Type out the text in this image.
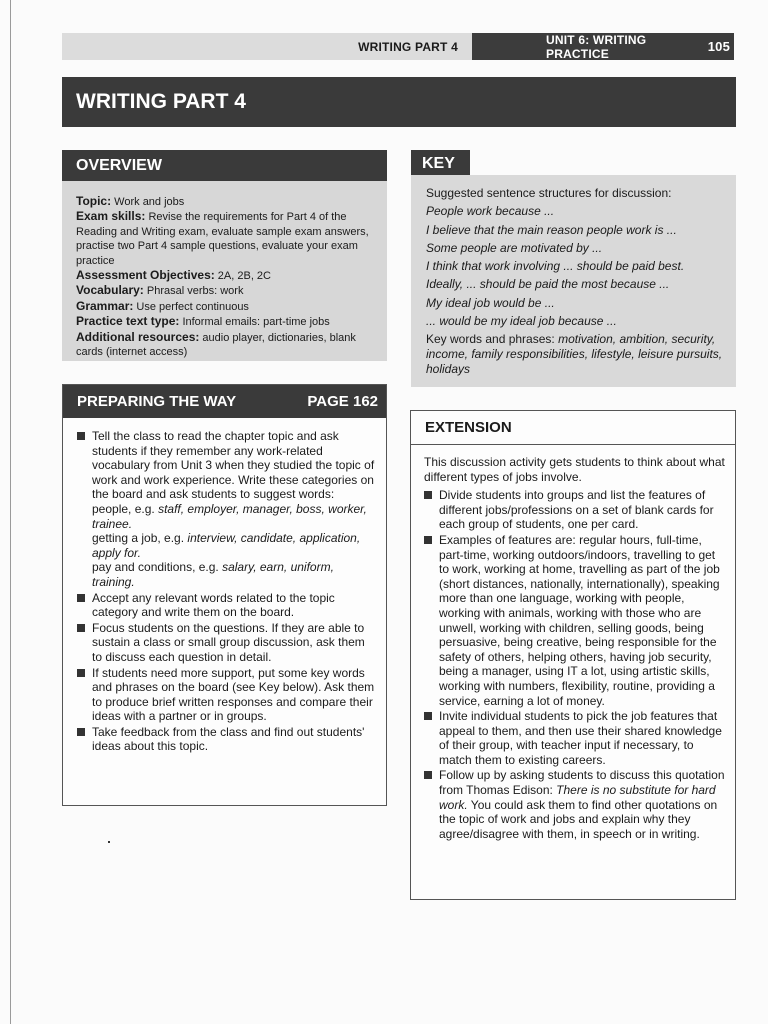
WRITING PART 4	UNIT 6: WRITING PRACTICE	105
WRITING PART 4
OVERVIEW
Topic: Work and jobs
Exam skills: Revise the requirements for Part 4 of the Reading and Writing exam, evaluate sample exam answers, practise two Part 4 sample questions, evaluate your exam practice
Assessment Objectives: 2A, 2B, 2C
Vocabulary: Phrasal verbs: work
Grammar: Use perfect continuous
Practice text type: Informal emails: part-time jobs
Additional resources: audio player, dictionaries, blank cards (internet access)
KEY
Suggested sentence structures for discussion:
People work because ...
I believe that the main reason people work is ...
Some people are motivated by ...
I think that work involving ... should be paid best.
Ideally, ... should be paid the most because ...
My ideal job would be ...
... would be my ideal job because ...
Key words and phrases: motivation, ambition, security, income, family responsibilities, lifestyle, leisure pursuits, holidays
PREPARING THE WAY	PAGE 162
Tell the class to read the chapter topic and ask students if they remember any work-related vocabulary from Unit 3 when they studied the topic of work and work experience. Write these categories on the board and ask students to suggest words:
people, e.g. staff, employer, manager, boss, worker, trainee.
getting a job, e.g. interview, candidate, application, apply for.
pay and conditions, e.g. salary, earn, uniform, training.
Accept any relevant words related to the topic category and write them on the board.
Focus students on the questions. If they are able to sustain a class or small group discussion, ask them to discuss each question in detail.
If students need more support, put some key words and phrases on the board (see Key below). Ask them to produce brief written responses and compare their ideas with a partner or in groups.
Take feedback from the class and find out students' ideas about this topic.
EXTENSION
This discussion activity gets students to think about what different types of jobs involve.
Divide students into groups and list the features of different jobs/professions on a set of blank cards for each group of students, one per card.
Examples of features are: regular hours, full-time, part-time, working outdoors/indoors, travelling to get to work, working at home, travelling as part of the job (short distances, nationally, internationally), speaking more than one language, working with people, working with animals, working with those who are unwell, working with children, selling goods, being persuasive, being creative, being responsible for the safety of others, helping others, having job security, being a manager, using IT a lot, using artistic skills, working with numbers, flexibility, routine, providing a service, earning a lot of money.
Invite individual students to pick the job features that appeal to them, and then use their shared knowledge of their group, with teacher input if necessary, to match them to existing careers.
Follow up by asking students to discuss this quotation from Thomas Edison: There is no substitute for hard work. You could ask them to find other quotations on the topic of work and jobs and explain why they agree/disagree with them, in speech or in writing.
